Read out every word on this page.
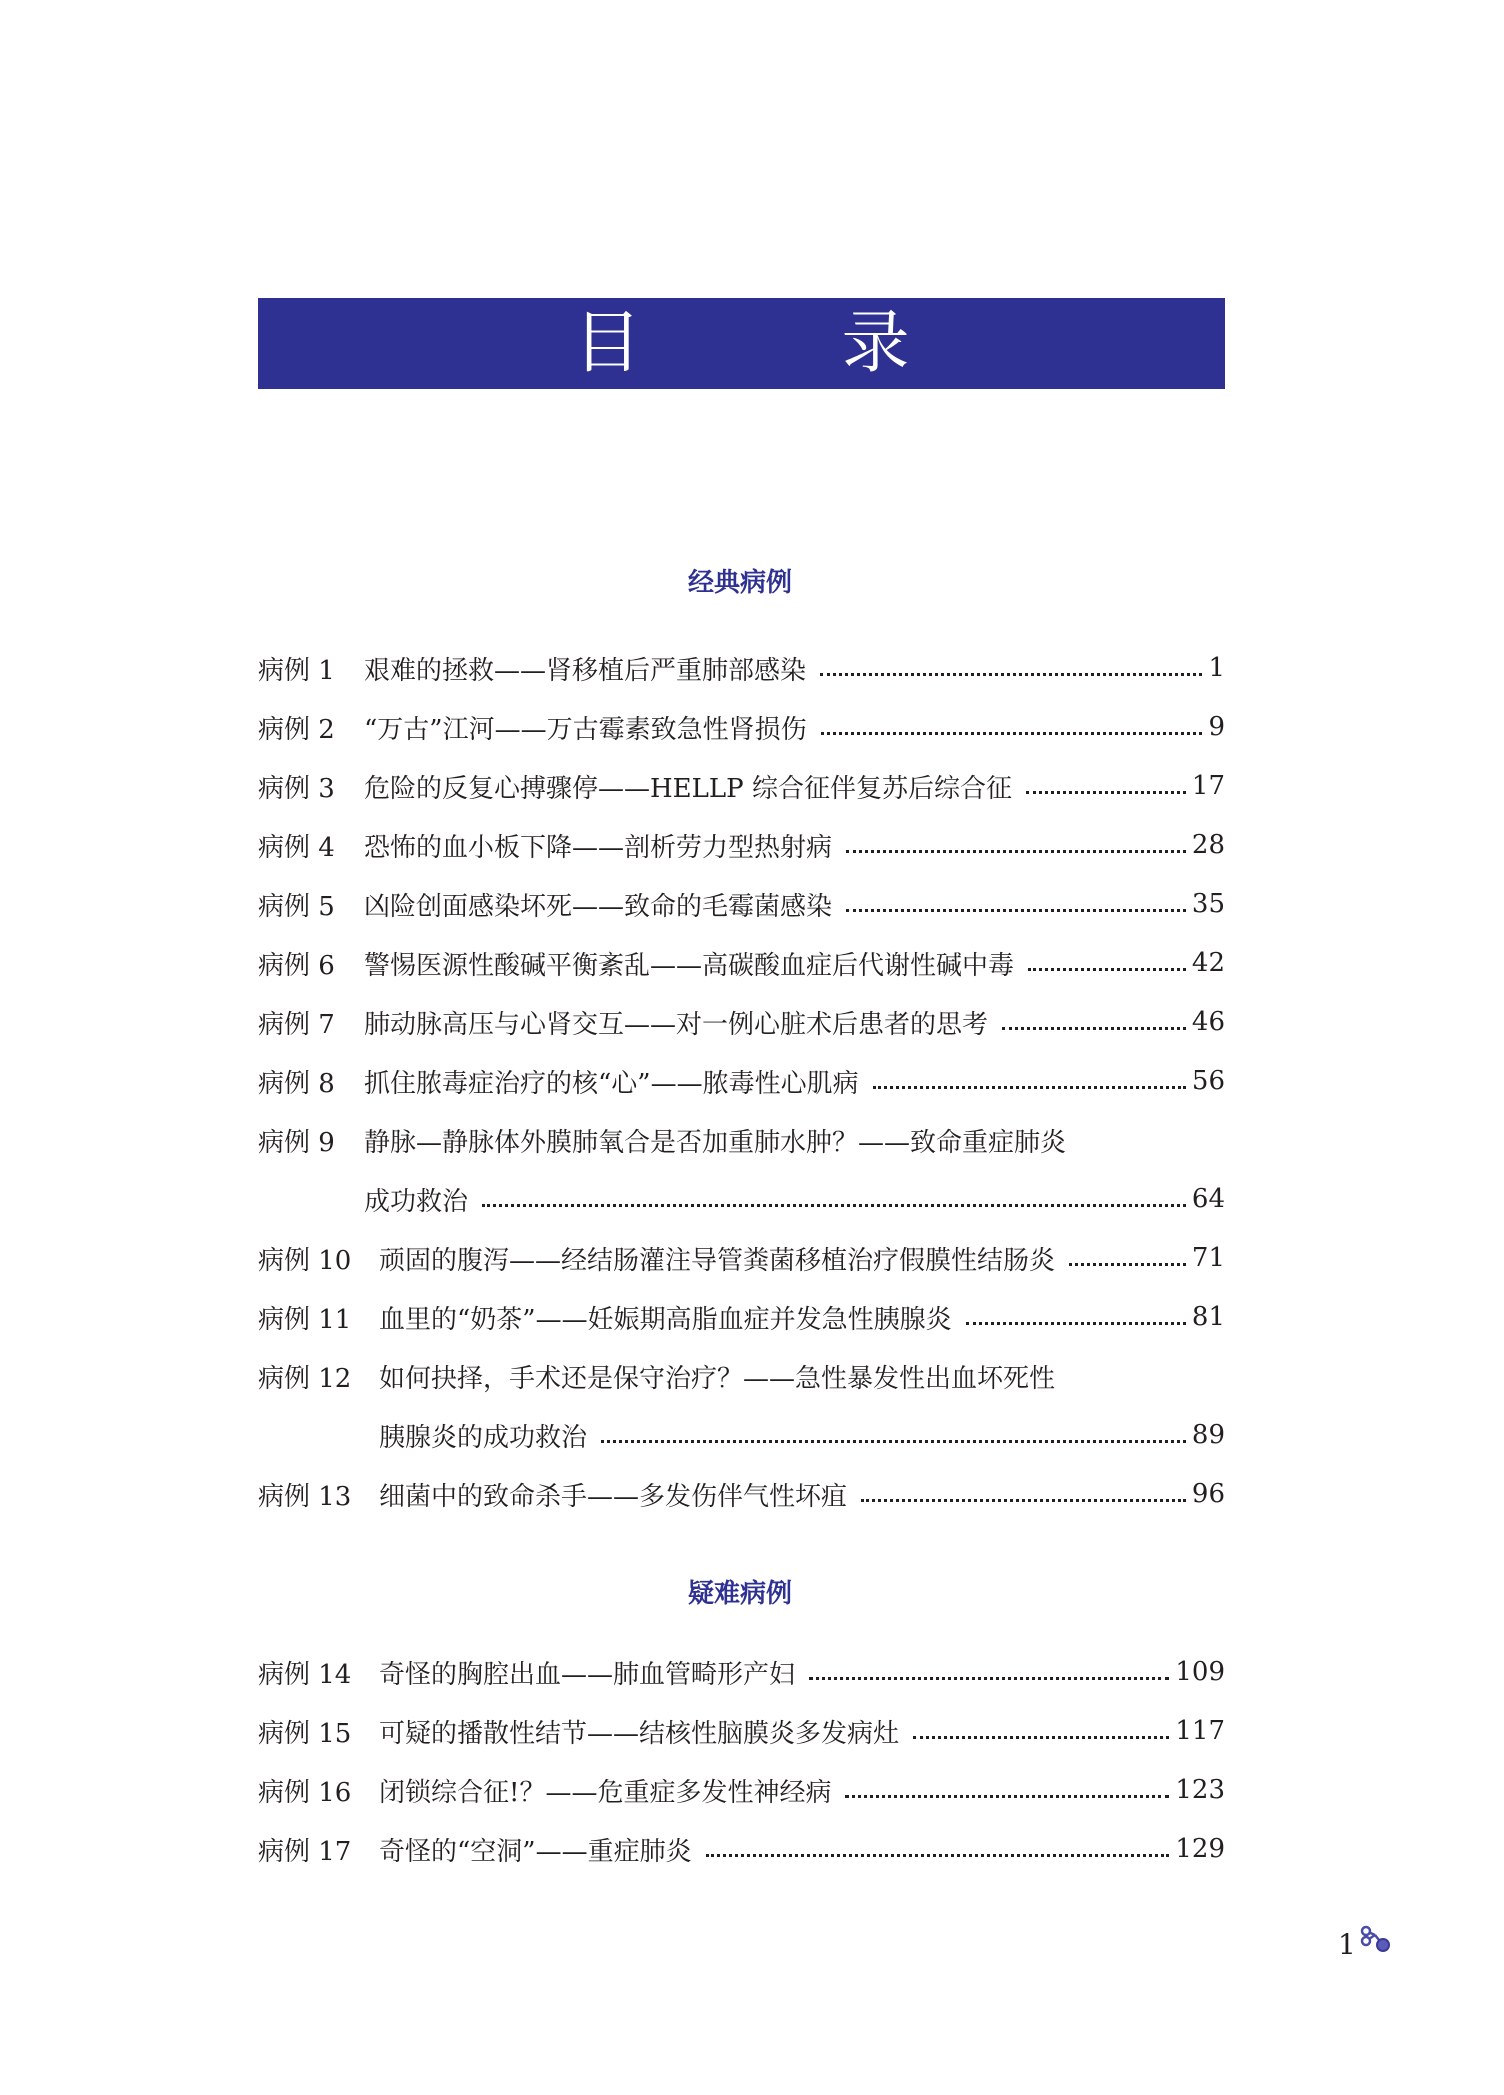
目　录
经典病例
病例 1	艰难的拯救——肾移植后严重肺部感染	1
病例 2	“万古”江河——万古霉素致急性肾损伤	9
病例 3	危险的反复心搏骤停——HELLP 综合征伴复苏后综合征	17
病例 4	恐怖的血小板下降——剖析劳力型热射病	28
病例 5	凶险创面感染坏死——致命的毛霉菌感染	35
病例 6	警惕医源性酸碱平衡紊乱——高碳酸血症后代谢性碱中毒	42
病例 7	肺动脉高压与心肾交互——对一例心脏术后患者的思考	46
病例 8	抓住脓毒症治疗的核“心”——脓毒性心肌病	56
病例 9	静脉—静脉体外膜肺氧合是否加重肺水肿？——致命重症肺炎
成功救治	64
病例 10	顽固的腹泻——经结肠灌注导管粪菌移植治疗假膜性结肠炎	71
病例 11	血里的“奶茶”——妊娠期高脂血症并发急性胰腺炎	81
病例 12	如何抉择，手术还是保守治疗？——急性暴发性出血坏死性
胰腺炎的成功救治	89
病例 13	细菌中的致命杀手——多发伤伴气性坏疽	96
疑难病例
病例 14	奇怪的胸腔出血——肺血管畸形产妇	109
病例 15	可疑的播散性结节——结核性脑膜炎多发病灶	117
病例 16	闭锁综合征!？——危重症多发性神经病	123
病例 17	奇怪的“空洞”——重症肺炎	129
1
